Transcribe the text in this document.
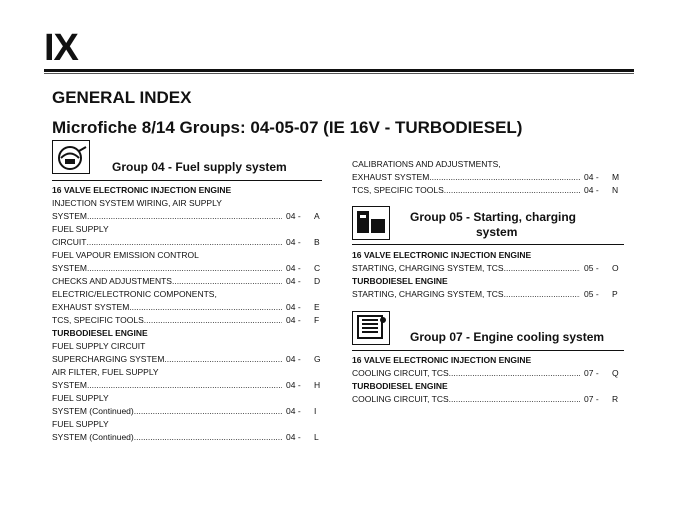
IX
GENERAL INDEX
Microfiche 8/14 Groups: 04-05-07 (IE 16V - TURBODIESEL)
Group 04 - Fuel supply system
16 VALVE ELECTRONIC INJECTION ENGINE
INJECTION SYSTEM WIRING, AIR SUPPLY
SYSTEM .....	04 - A
FUEL SUPPLY
CIRCUIT .....	04 - B
FUEL VAPOUR EMISSION CONTROL
SYSTEM .....	04 - C
CHECKS AND ADJUSTMENTS .....	04 - D
ELECTRIC/ELECTRONIC COMPONENTS,
EXHAUST SYSTEM .....	04 - E
TCS, SPECIFIC TOOLS .....	04 - F
TURBODIESEL ENGINE
FUEL SUPPLY CIRCUIT
SUPERCHARGING SYSTEM .....	04 - G
AIR FILTER, FUEL SUPPLY
SYSTEM .....	04 - H
FUEL SUPPLY
SYSTEM (Continued) .....	04 - I
FUEL SUPPLY
SYSTEM (Continued) .....	04 - L
CALIBRATIONS AND ADJUSTMENTS,
EXHAUST SYSTEM .....	04 - M
TCS, SPECIFIC TOOLS .....	04 - N
Group 05 - Starting, charging
system
16 VALVE ELECTRONIC INJECTION ENGINE
STARTING, CHARGING SYSTEM, TCS .....	05 - O
TURBODIESEL ENGINE
STARTING, CHARGING SYSTEM, TCS .....	05 - P
Group 07 - Engine cooling system
16 VALVE ELECTRONIC INJECTION ENGINE
COOLING CIRCUIT, TCS .....	07 - Q
TURBODIESEL ENGINE
COOLING CIRCUIT, TCS .....	07 - R
